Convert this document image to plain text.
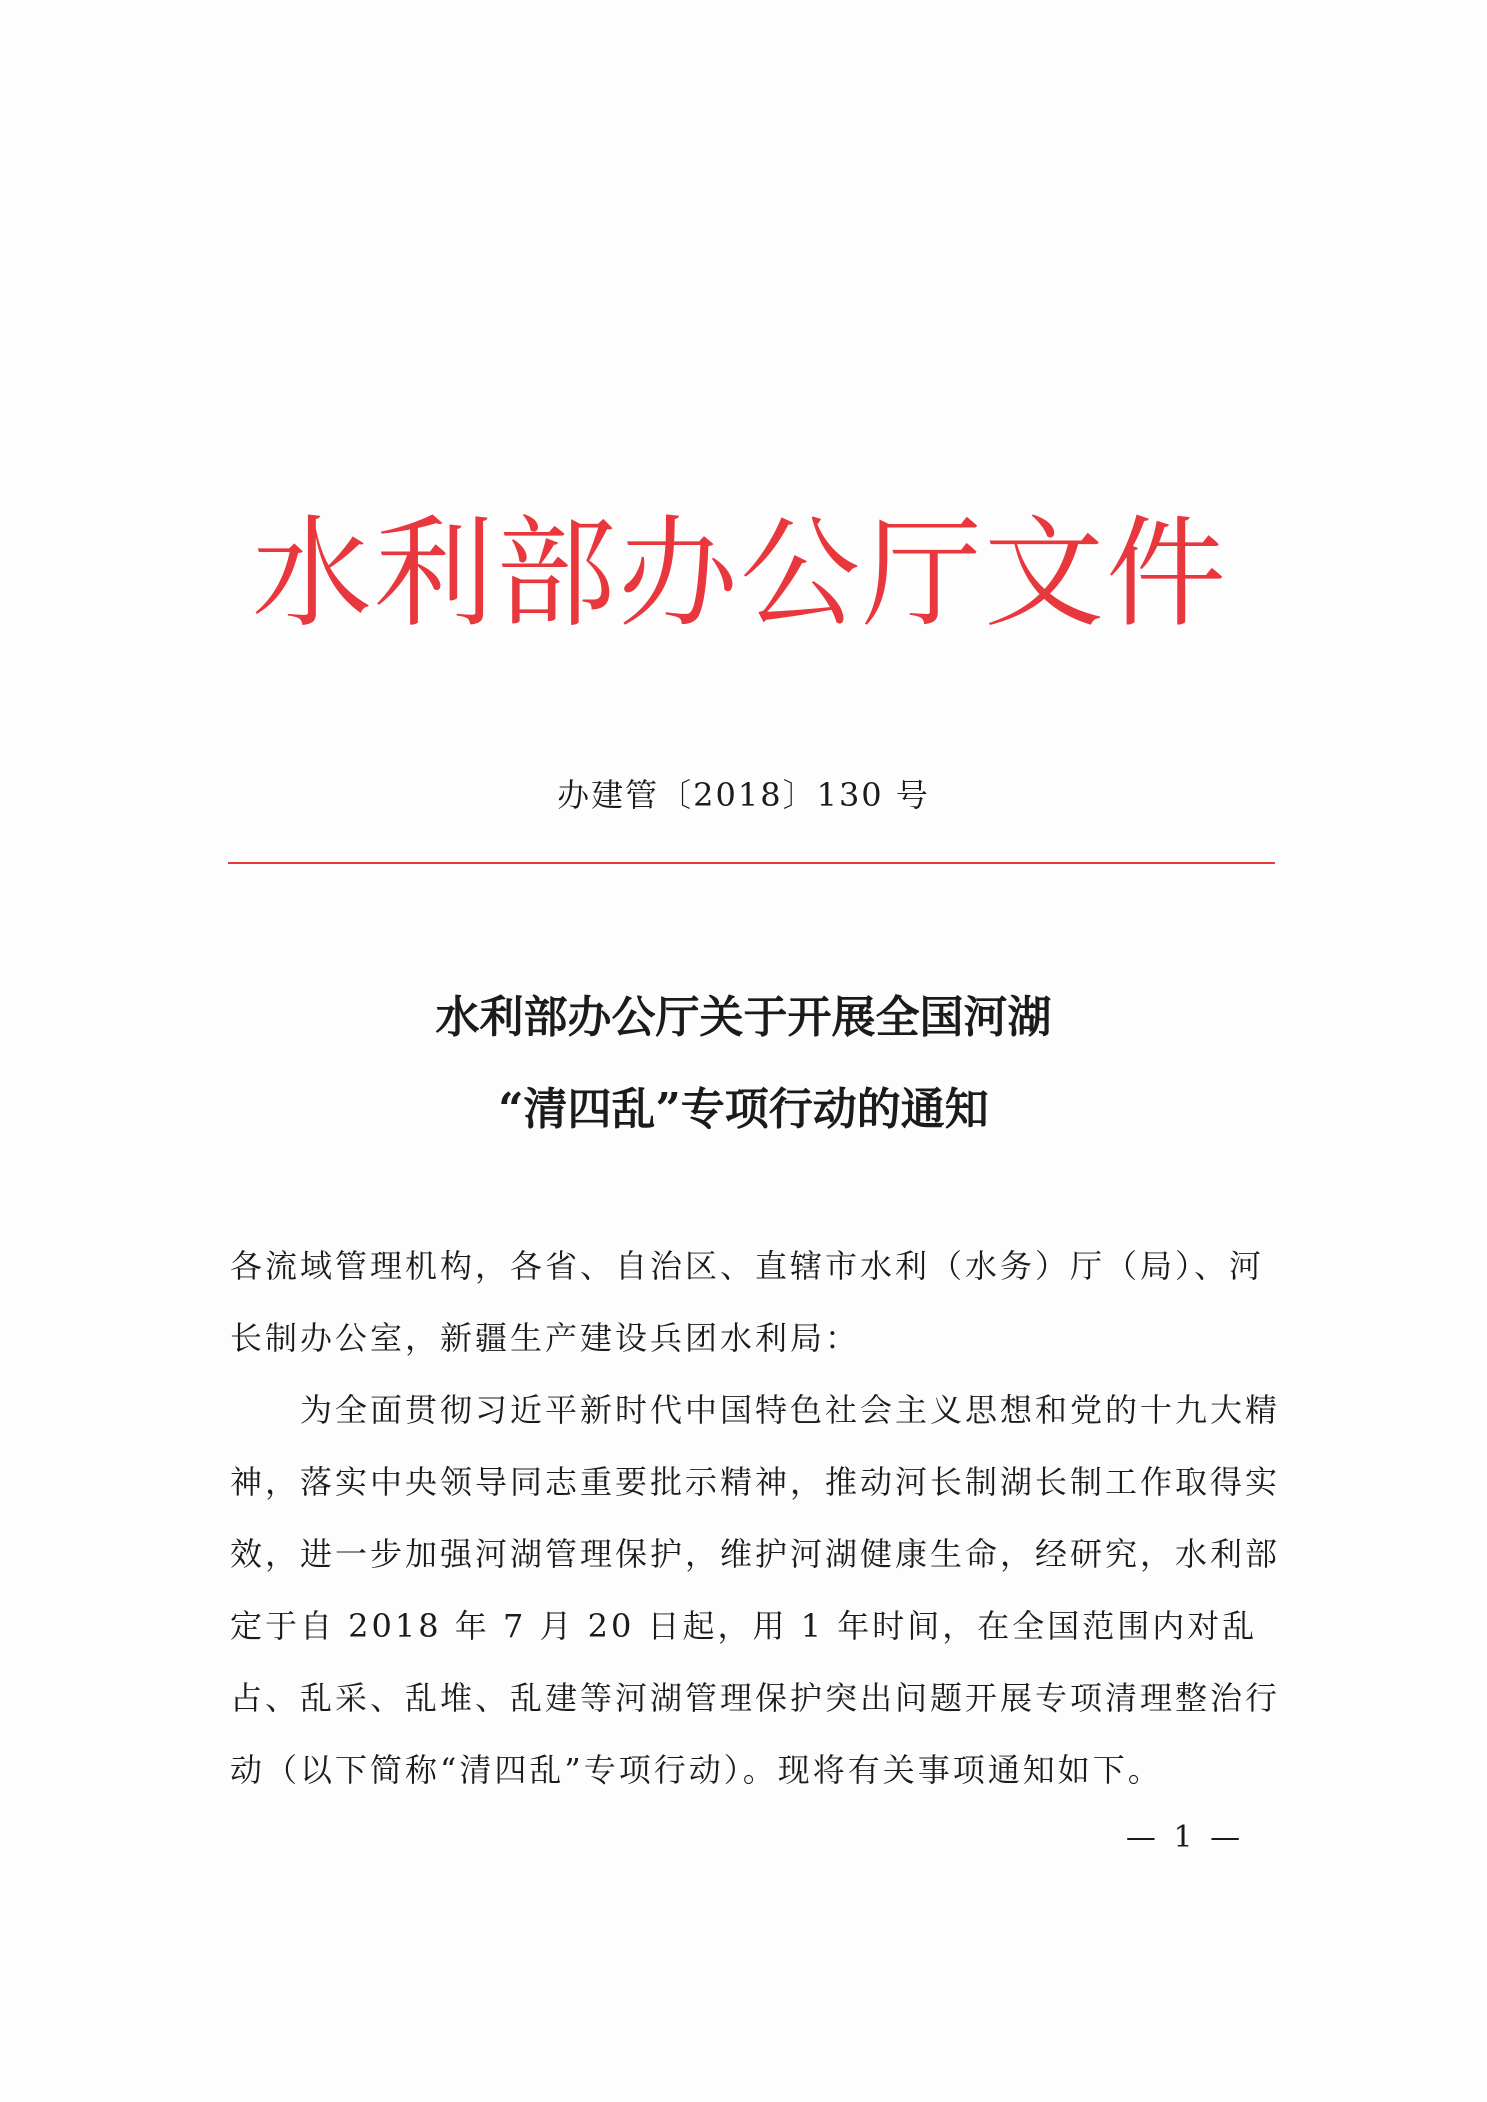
水利部办公厅文件
办建管〔2018〕130 号
水利部办公厅关于开展全国河湖
“清四乱”专项行动的通知
各流域管理机构，各省、自治区、直辖市水利（水务）厅（局）、河长制办公室，新疆生产建设兵团水利局：
为全面贯彻习近平新时代中国特色社会主义思想和党的十九大精神，落实中央领导同志重要批示精神，推动河长制湖长制工作取得实效，进一步加强河湖管理保护，维护河湖健康生命，经研究，水利部定于自 2018 年 7 月 20 日起，用 1 年时间，在全国范围内对乱占、乱采、乱堆、乱建等河湖管理保护突出问题开展专项清理整治行动（以下简称“清四乱”专项行动）。现将有关事项通知如下。
— 1 —
